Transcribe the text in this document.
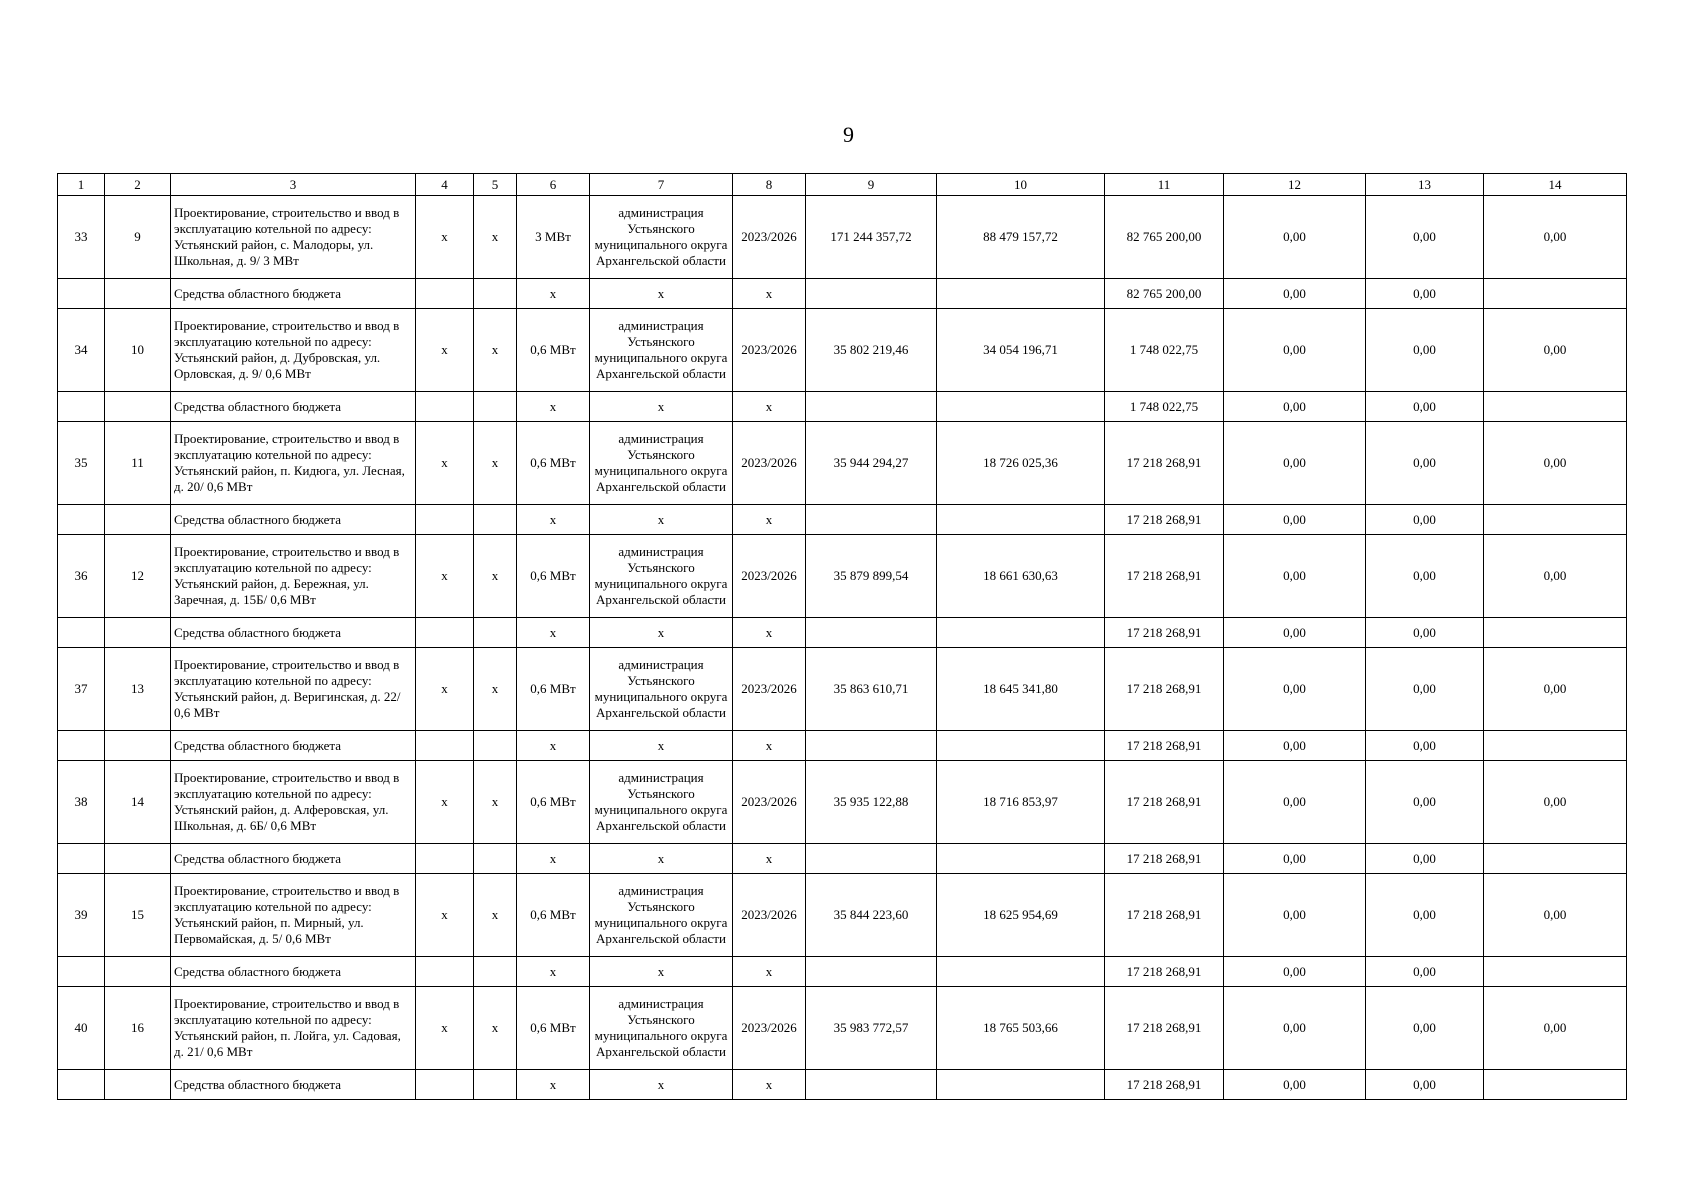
9
1	2	3	4	5	6	7	8	9	10	11	12	13	14
33	9	Проектирование, строительство и ввод в эксплуатацию котельной по адресу: Устьянский район, с. Малодоры, ул. Школьная, д. 9/ 3 МВт	х	х	3 МВт	администрация Устьянского муниципального округа Архангельской области	2023/2026	171 244 357,72	88 479 157,72	82 765 200,00	0,00	0,00	0,00
		Средства областного бюджета			х	х	х			82 765 200,00	0,00	0,00	
34	10	Проектирование, строительство и ввод в эксплуатацию котельной по адресу: Устьянский район, д. Дубровская, ул. Орловская, д. 9/ 0,6 МВт	х	х	0,6 МВт	администрация Устьянского муниципального округа Архангельской области	2023/2026	35 802 219,46	34 054 196,71	1 748 022,75	0,00	0,00	0,00
		Средства областного бюджета			х	х	х			1 748 022,75	0,00	0,00	
35	11	Проектирование, строительство и ввод в эксплуатацию котельной по адресу: Устьянский район, п. Кидюга, ул. Лесная, д. 20/ 0,6 МВт	х	х	0,6 МВт	администрация Устьянского муниципального округа Архангельской области	2023/2026	35 944 294,27	18 726 025,36	17 218 268,91	0,00	0,00	0,00
		Средства областного бюджета			х	х	х			17 218 268,91	0,00	0,00	
36	12	Проектирование, строительство и ввод в эксплуатацию котельной по адресу: Устьянский район, д. Бережная, ул. Заречная, д. 15Б/ 0,6 МВт	х	х	0,6 МВт	администрация Устьянского муниципального округа Архангельской области	2023/2026	35 879 899,54	18 661 630,63	17 218 268,91	0,00	0,00	0,00
		Средства областного бюджета			х	х	х			17 218 268,91	0,00	0,00	
37	13	Проектирование, строительство и ввод в эксплуатацию котельной по адресу: Устьянский район, д. Веригинская, д. 22/ 0,6 МВт	х	х	0,6 МВт	администрация Устьянского муниципального округа Архангельской области	2023/2026	35 863 610,71	18 645 341,80	17 218 268,91	0,00	0,00	0,00
		Средства областного бюджета			х	х	х			17 218 268,91	0,00	0,00	
38	14	Проектирование, строительство и ввод в эксплуатацию котельной по адресу: Устьянский район, д. Алферовская, ул. Школьная, д. 6Б/ 0,6 МВт	х	х	0,6 МВт	администрация Устьянского муниципального округа Архангельской области	2023/2026	35 935 122,88	18 716 853,97	17 218 268,91	0,00	0,00	0,00
		Средства областного бюджета			х	х	х			17 218 268,91	0,00	0,00	
39	15	Проектирование, строительство и ввод в эксплуатацию котельной по адресу: Устьянский район, п. Мирный, ул. Первомайская, д. 5/ 0,6 МВт	х	х	0,6 МВт	администрация Устьянского муниципального округа Архангельской области	2023/2026	35 844 223,60	18 625 954,69	17 218 268,91	0,00	0,00	0,00
		Средства областного бюджета			х	х	х			17 218 268,91	0,00	0,00	
40	16	Проектирование, строительство и ввод в эксплуатацию котельной по адресу: Устьянский район, п. Лойга, ул. Садовая, д. 21/ 0,6 МВт	х	х	0,6 МВт	администрация Устьянского муниципального округа Архангельской области	2023/2026	35 983 772,57	18 765 503,66	17 218 268,91	0,00	0,00	0,00
		Средства областного бюджета			х	х	х			17 218 268,91	0,00	0,00	
